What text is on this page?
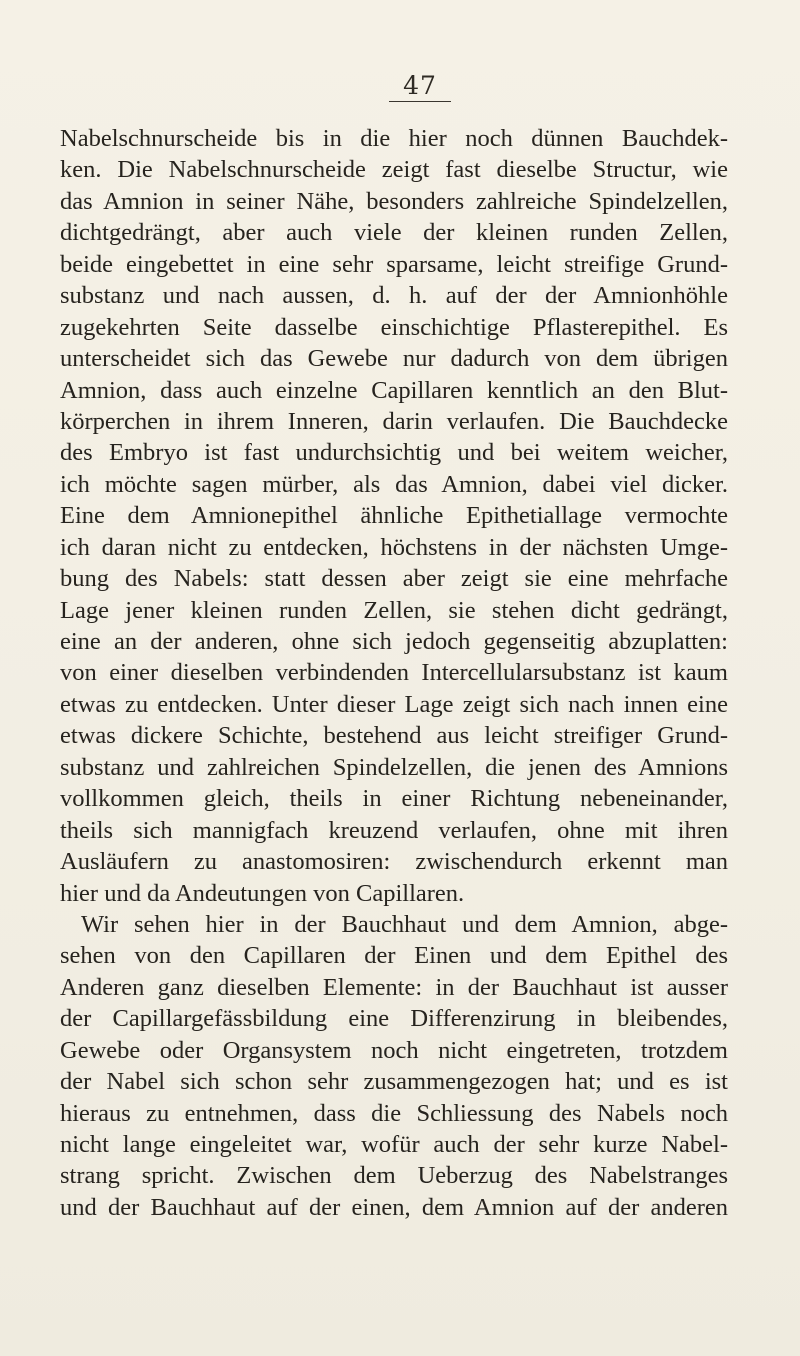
47
Nabelschnurscheide bis in die hier noch dünnen Bauchdek-
ken. Die Nabelschnurscheide zeigt fast dieselbe Structur, wie
das Amnion in seiner Nähe, besonders zahlreiche Spindelzellen,
dichtgedrängt, aber auch viele der kleinen runden Zellen,
beide eingebettet in eine sehr sparsame, leicht streifige Grund-
substanz und nach aussen, d. h. auf der der Amnionhöhle
zugekehrten Seite dasselbe einschichtige Pflasterepithel. Es
unterscheidet sich das Gewebe nur dadurch von dem übrigen
Amnion, dass auch einzelne Capillaren kenntlich an den Blut-
körperchen in ihrem Inneren, darin verlaufen. Die Bauchdecke
des Embryo ist fast undurchsichtig und bei weitem weicher,
ich möchte sagen mürber, als das Amnion, dabei viel dicker.
Eine dem Amnionepithel ähnliche Epithetiallage vermochte
ich daran nicht zu entdecken, höchstens in der nächsten Umge-
bung des Nabels: statt dessen aber zeigt sie eine mehrfache
Lage jener kleinen runden Zellen, sie stehen dicht gedrängt,
eine an der anderen, ohne sich jedoch gegenseitig abzuplatten:
von einer dieselben verbindenden Intercellularsubstanz ist kaum
etwas zu entdecken. Unter dieser Lage zeigt sich nach innen eine
etwas dickere Schichte, bestehend aus leicht streifiger Grund-
substanz und zahlreichen Spindelzellen, die jenen des Amnions
vollkommen gleich, theils in einer Richtung nebeneinander,
theils sich mannigfach kreuzend verlaufen, ohne mit ihren
Ausläufern zu anastomosiren: zwischendurch erkennt man
hier und da Andeutungen von Capillaren.
Wir sehen hier in der Bauchhaut und dem Amnion, abge-
sehen von den Capillaren der Einen und dem Epithel des
Anderen ganz dieselben Elemente: in der Bauchhaut ist ausser
der Capillargefässbildung eine Differenzirung in bleibendes,
Gewebe oder Organsystem noch nicht eingetreten, trotzdem
der Nabel sich schon sehr zusammengezogen hat; und es ist
hieraus zu entnehmen, dass die Schliessung des Nabels noch
nicht lange eingeleitet war, wofür auch der sehr kurze Nabel-
strang spricht. Zwischen dem Ueberzug des Nabelstranges
und der Bauchhaut auf der einen, dem Amnion auf der anderen
